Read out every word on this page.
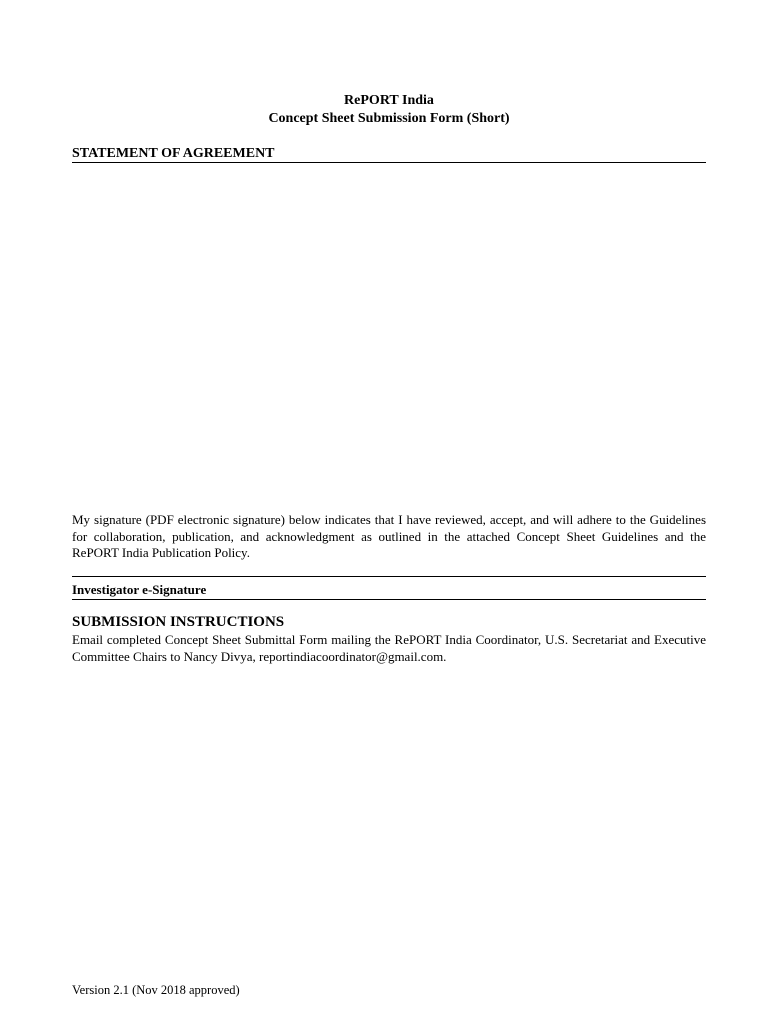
RePORT India
Concept Sheet Submission Form (Short)
STATEMENT OF AGREEMENT
My signature (PDF electronic signature) below indicates that I have reviewed, accept, and will adhere to the Guidelines for collaboration, publication, and acknowledgment as outlined in the attached Concept Sheet Guidelines and the RePORT India Publication Policy.
Investigator e-Signature
SUBMISSION INSTRUCTIONS
Email completed Concept Sheet Submittal Form mailing the RePORT India Coordinator, U.S. Secretariat and Executive Committee Chairs to Nancy Divya, reportindiacoordinator@gmail.com.
Version 2.1 (Nov 2018 approved)
